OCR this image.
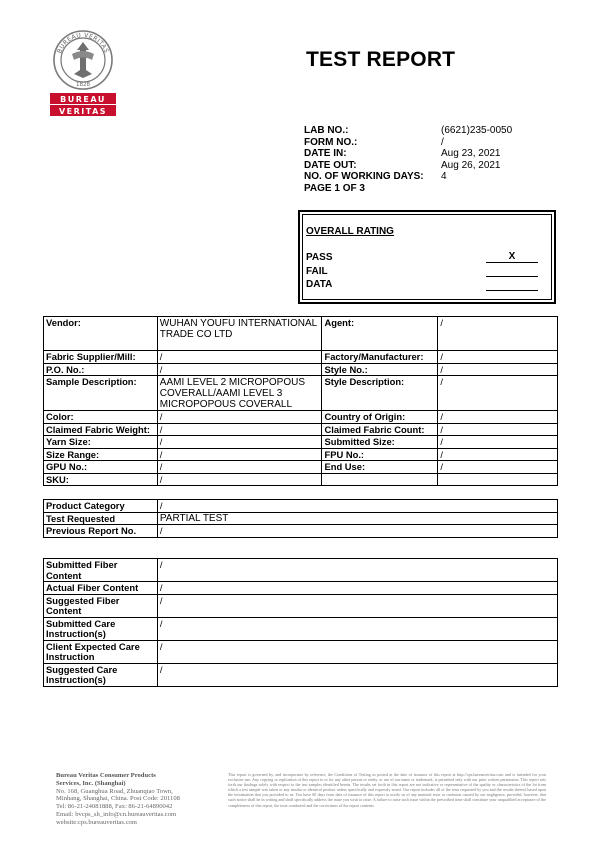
BUREAU VERITAS
1828
BUREAU
VERITAS
TEST REPORT
LAB NO.:	(6621)235-0050
FORM NO.:	/
DATE IN:	Aug 23, 2021
DATE OUT:	Aug 26, 2021
NO. OF WORKING DAYS:	4
PAGE 1 OF 3
OVERALL RATING
PASS	X
FAIL
DATA
Vendor:	WUHAN YOUFU INTERNATIONAL TRADE CO LTD	Agent:	/
Fabric Supplier/Mill:	/	Factory/Manufacturer:	/
P.O. No.:	/	Style No.:	/
Sample Description:	AAMI LEVEL 2 MICROPOPOUS COVERALL/AAMI LEVEL 3 MICROPOPOUS COVERALL	Style Description:	/
Color:	/	Country of Origin:	/
Claimed Fabric Weight:	/	Claimed Fabric Count:	/
Yarn Size:	/	Submitted Size:	/
Size Range:	/	FPU No.:	/
GPU No.:	/	End Use:	/
SKU:	/		
Product Category	/
Test Requested	PARTIAL TEST
Previous Report No.	/
Submitted Fiber Content	/
Actual Fiber Content	/
Suggested Fiber Content	/
Submitted Care Instruction(s)	/
Client Expected Care Instruction	/
Suggested Care Instruction(s)	/
Bureau Veritas Consumer Products
Services, Inc. (Shanghai)
No. 168, Guanghua Road, Zhuanqiao Town,
Minhang, Shanghai, China. Post Code: 201108
Tel: 86-21-24081888, Fax: 86-21-64890042
Email: bvcps_sh_info@cn.bureauveritas.com
website:cps.bureauveritas.com
This report is governed by, and incorporates by reference, the Conditions of Testing as posted at the date of issuance of this report at http://cps.bureauveritas.com and is intended for your exclusive use. Any copying or replication of this report to or for any other person or entity, or use of our name or trademark, is permitted only with our prior written permission. This report sets forth our findings solely with respect to the test samples identified herein. The results set forth in this report are not indicative or representative of the quality or characteristics of the lot from which a test sample was taken or any similar or identical product unless specifically and expressly noted. Our report includes all of the tests requested by you and the results thereof based upon the information that you provided to us. You have 60 days from date of issuance of this report to notify us of any material error or omission caused by our negligence, provided, however, that such notice shall be in writing and shall specifically address the issue you wish to raise. A failure to raise such issue within the prescribed time shall constitute your unqualified acceptance of the completeness of this report, the tests conducted and the correctness of the report contents.
